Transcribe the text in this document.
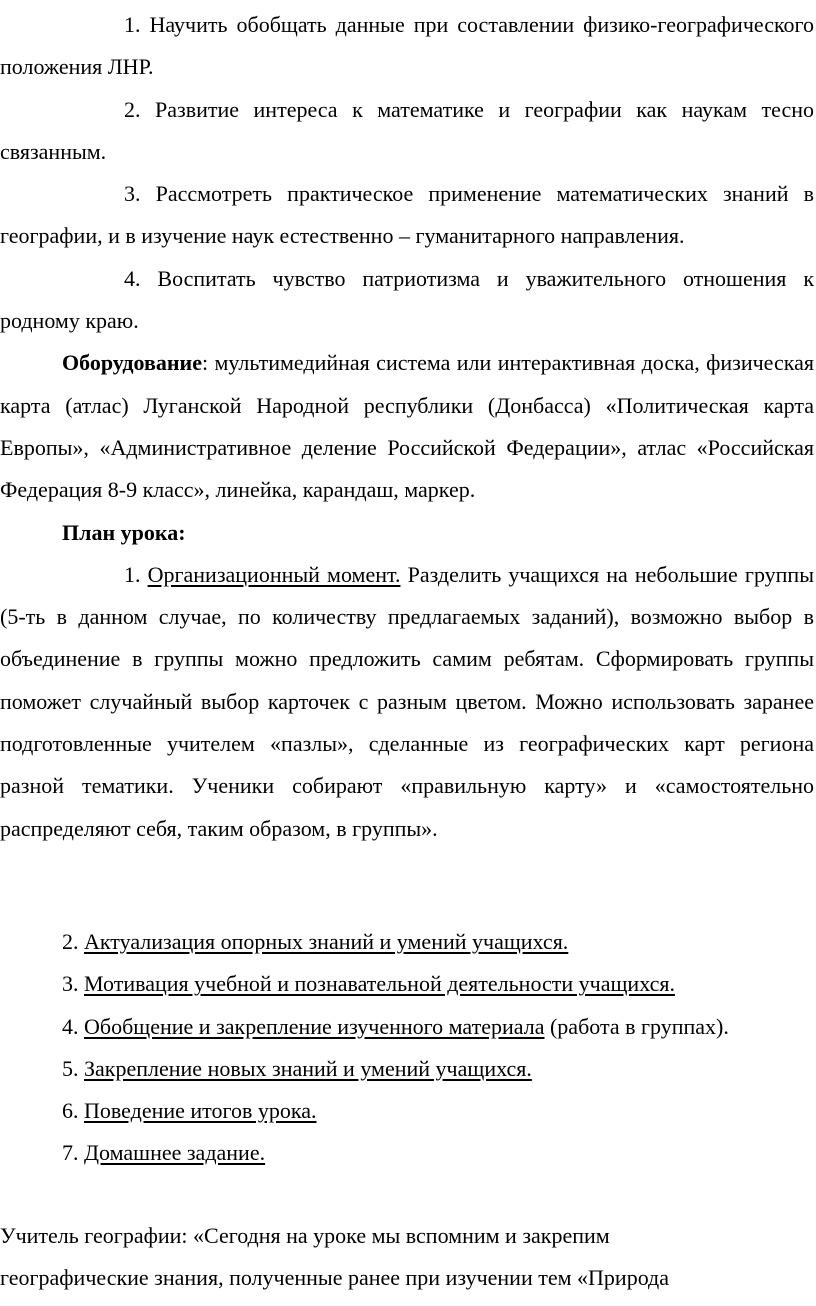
1. Научить обобщать данные при составлении физико-географического положения ЛНР.

2. Развитие интереса к математике и географии как наукам тесно связанным.

3. Рассмотреть практическое применение математических знаний в географии, и в изучение наук естественно – гуманитарного направления.

4. Воспитать чувство патриотизма и уважительного отношения к родному краю.

Оборудование: мультимедийная система или интерактивная доска, физическая карта (атлас) Луганской Народной республики (Донбасса) «Политическая карта Европы», «Административное деление Российской Федерации», атлас «Российская Федерация 8-9 класс», линейка, карандаш, маркер.

План урока:

1. Организационный момент. Разделить учащихся на небольшие группы (5-ть в данном случае, по количеству предлагаемых заданий), возможно выбор в объединение в группы можно предложить самим ребятам. Сформировать группы поможет случайный выбор карточек с разным цветом. Можно использовать заранее подготовленные учителем «пазлы», сделанные из географических карт региона разной тематики. Ученики собирают «правильную карту» и «самостоятельно распределяют себя, таким образом, в группы».

2. Актуализация опорных знаний и умений учащихся.

3. Мотивация учебной и познавательной деятельности учащихся.

4. Обобщение и закрепление изученного материала (работа в группах).

5. Закрепление новых знаний и умений учащихся.

6. Поведение итогов урока.

7. Домашнее задание.

Учитель географии: «Сегодня на уроке мы вспомним и закрепим

географические знания, полученные ранее при изучении тем «Природа
